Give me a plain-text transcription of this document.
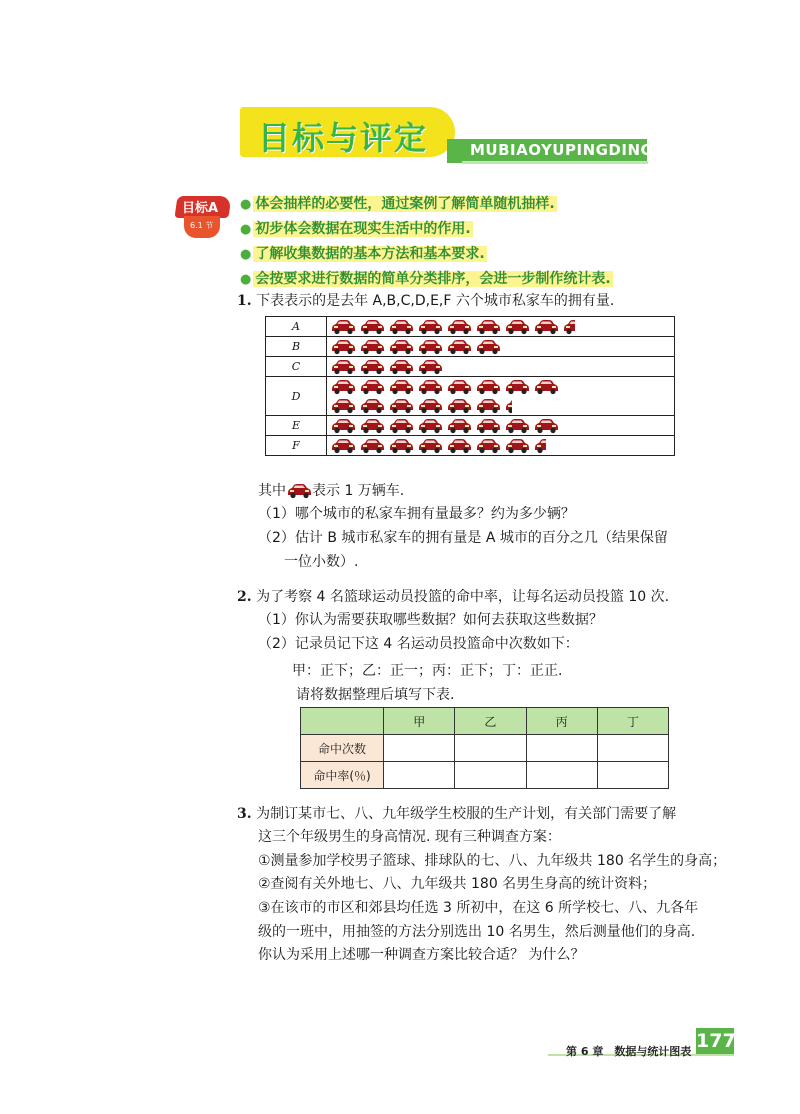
目标与评定	MUBIAOYUPINGDING
目标A
6.1 节
● 体会抽样的必要性，通过案例了解简单随机抽样.
● 初步体会数据在现实生活中的作用.
● 了解收集数据的基本方法和基本要求.
● 会按要求进行数据的简单分类排序，会进一步制作统计表.
1. 下表表示的是去年 A,B,C,D,E,F 六个城市私家车的拥有量.
A	

B	

C	

D	

E	

F	
其中 表示 1 万辆车.
（1）哪个城市的私家车拥有量最多？约为多少辆？
（2）估计 B 城市私家车的拥有量是 A 城市的百分之几（结果保留
一位小数）.
2. 为了考察 4 名篮球运动员投篮的命中率，让每名运动员投篮 10 次.
（1）你认为需要获取哪些数据？如何去获取这些数据？
（2）记录员记下这 4 名运动员投篮命中次数如下：
甲：正下；乙：正一；丙：正下；丁：正正.
请将数据整理后填写下表.
	甲	乙	丙	丁
命中次数				
命中率(％)				
3. 为制订某市七、八、九年级学生校服的生产计划，有关部门需要了解
这三个年级男生的身高情况. 现有三种调查方案：
①测量参加学校男子篮球、排球队的七、八、九年级共 180 名学生的身高；
②查阅有关外地七、八、九年级共 180 名男生身高的统计资料；
③在该市的市区和郊县均任选 3 所初中，在这 6 所学校七、八、九各年
级的一班中，用抽签的方法分别选出 10 名男生，然后测量他们的身高.
你认为采用上述哪一种调查方案比较合适？ 为什么？
第 6 章　数据与统计图表 177
